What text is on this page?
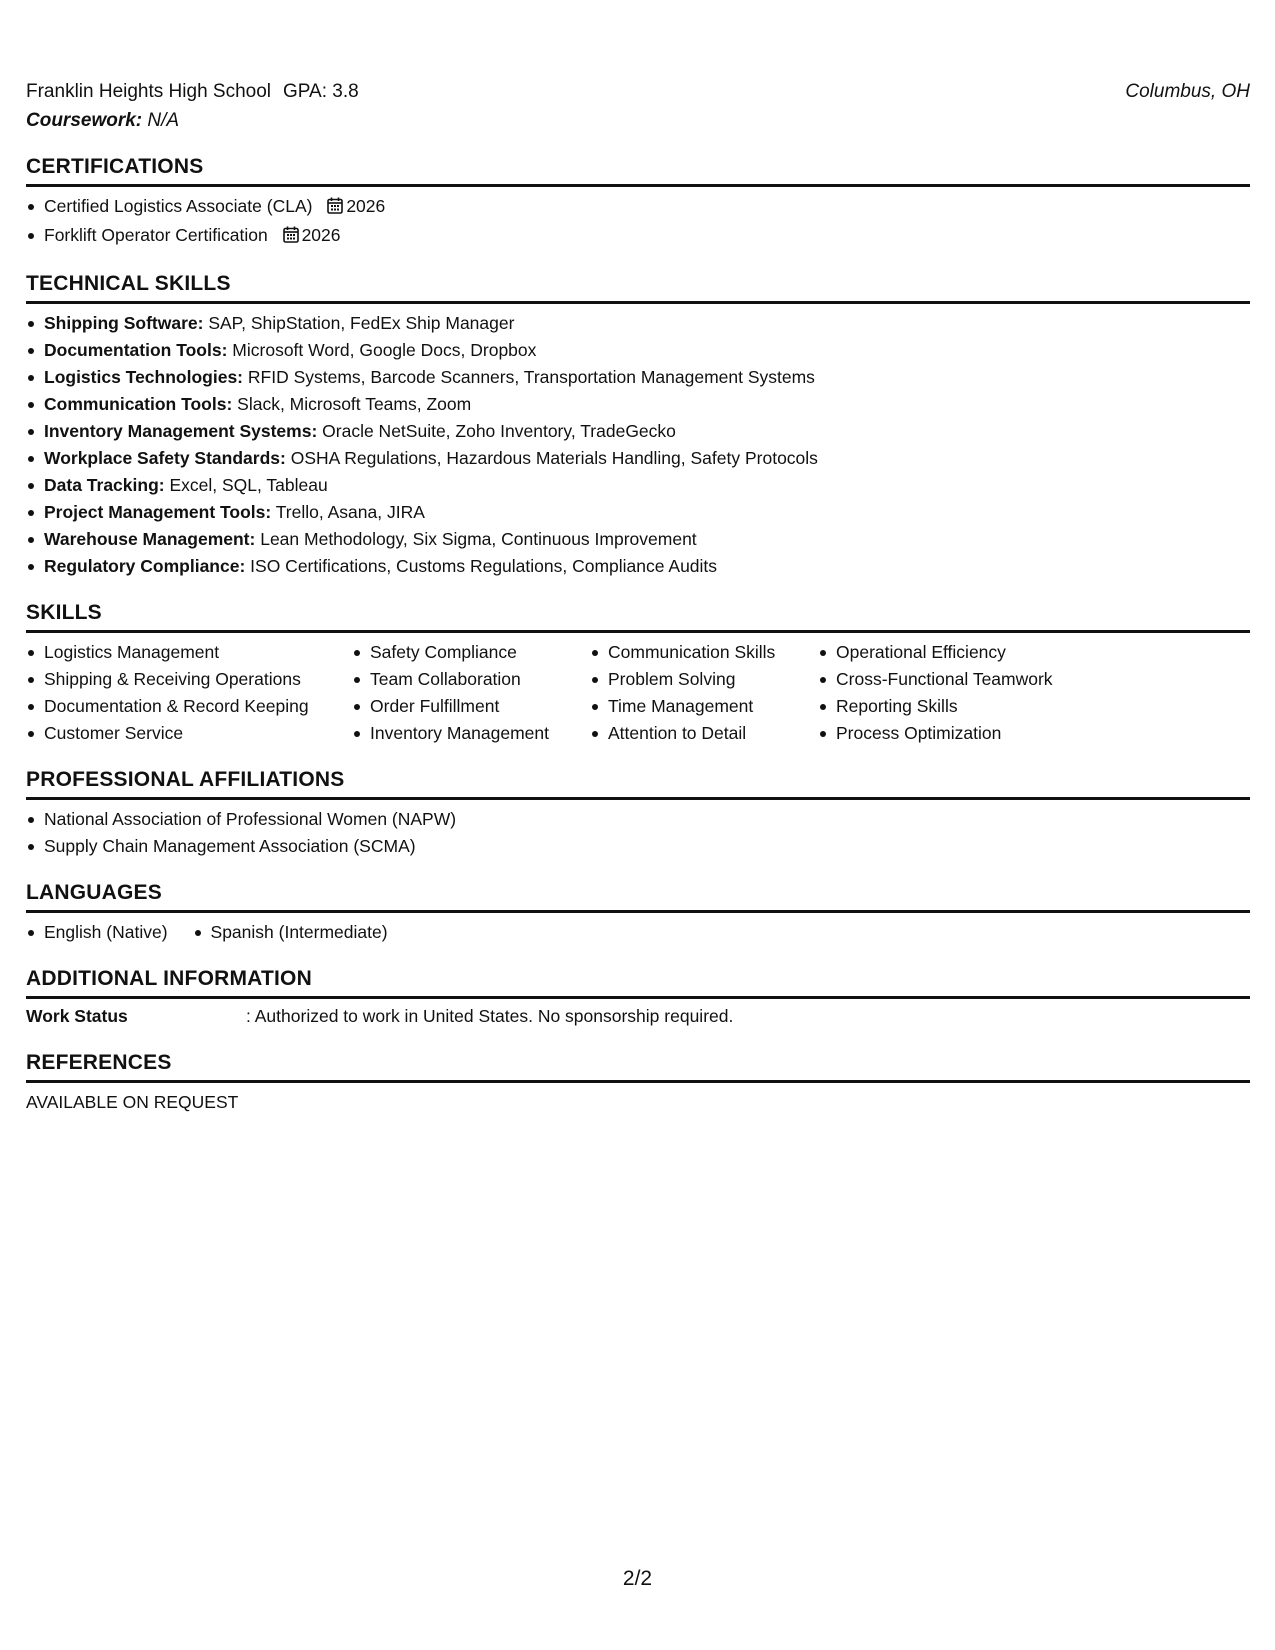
Franklin Heights High School GPA: 3.8	Columbus, OH
Coursework: N/A
CERTIFICATIONS
Certified Logistics Associate (CLA) 2026
Forklift Operator Certification 2026
TECHNICAL SKILLS
Shipping Software: SAP, ShipStation, FedEx Ship Manager
Documentation Tools: Microsoft Word, Google Docs, Dropbox
Logistics Technologies: RFID Systems, Barcode Scanners, Transportation Management Systems
Communication Tools: Slack, Microsoft Teams, Zoom
Inventory Management Systems: Oracle NetSuite, Zoho Inventory, TradeGecko
Workplace Safety Standards: OSHA Regulations, Hazardous Materials Handling, Safety Protocols
Data Tracking: Excel, SQL, Tableau
Project Management Tools: Trello, Asana, JIRA
Warehouse Management: Lean Methodology, Six Sigma, Continuous Improvement
Regulatory Compliance: ISO Certifications, Customs Regulations, Compliance Audits
SKILLS
Logistics Management
Shipping & Receiving Operations
Documentation & Record Keeping
Customer Service
Safety Compliance
Team Collaboration
Order Fulfillment
Inventory Management
Communication Skills
Problem Solving
Time Management
Attention to Detail
Operational Efficiency
Cross-Functional Teamwork
Reporting Skills
Process Optimization
PROFESSIONAL AFFILIATIONS
National Association of Professional Women (NAPW)
Supply Chain Management Association (SCMA)
LANGUAGES
English (Native)	Spanish (Intermediate)
ADDITIONAL INFORMATION
Work Status	: Authorized to work in United States. No sponsorship required.
REFERENCES
AVAILABLE ON REQUEST
2/2
